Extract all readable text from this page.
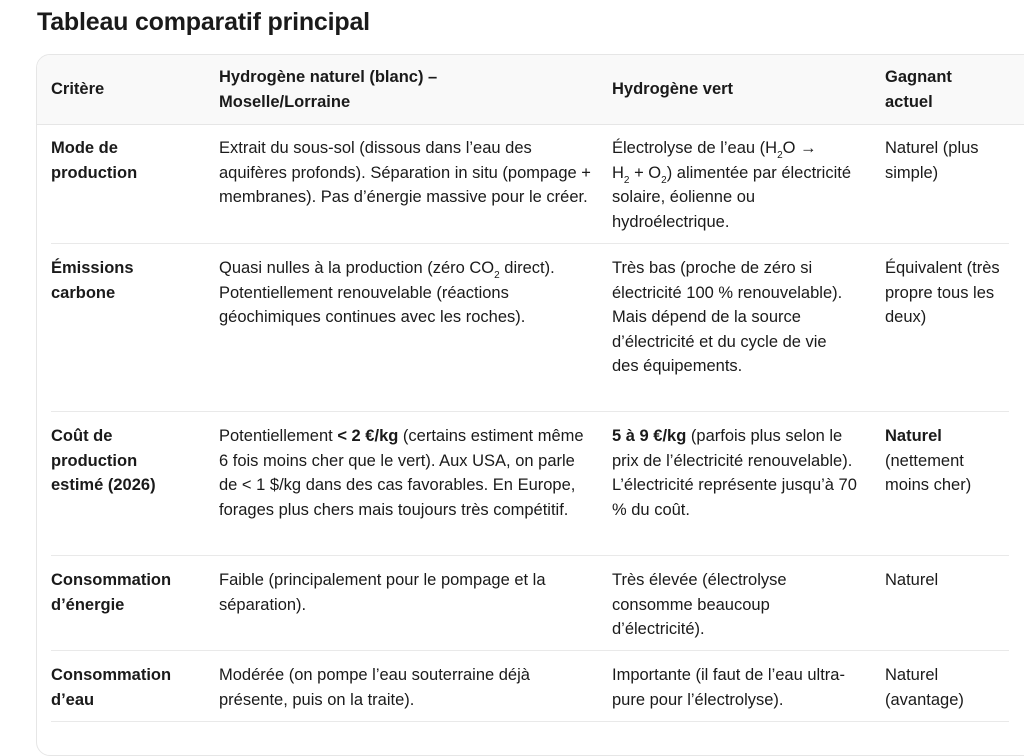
Tableau comparatif principal
Critère
Hydrogène naturel (blanc) – Moselle/Lorraine
Hydrogène vert
Gagnant actuel
Mode de production
Extrait du sous-sol (dissous dans l’eau des aquifères profonds). Séparation in situ (pompage + membranes). Pas d’énergie massive pour le créer.
Électrolyse de l’eau ($H_2O$ →
$H_2 + O_2$) alimentée par électricité solaire, éolienne ou hydroélectrique.
Naturel (plus simple)
Émissions carbone
Quasi nulles à la production (zéro $CO_2$ direct). Potentiellement renouvelable (réactions géochimiques continues avec les roches).
Très bas (proche de zéro si électricité 100 % renouvelable). Mais dépend de la source d’électricité et du cycle de vie des équipements.
Équivalent (très propre tous les deux)
Coût de production estimé (2026)
Potentiellement < 2 €/kg (certains estiment même 6 fois moins cher que le vert). Aux USA, on parle de < 1 $/kg dans des cas favorables. En Europe, forages plus chers mais toujours très compétitif.
5 à 9 €/kg (parfois plus selon le prix de l’électricité renouvelable). L’électricité représente jusqu’à 70 % du coût.
Naturel (nettement moins cher)
Consommation d’énergie
Faible (principalement pour le pompage et la séparation).
Très élevée (électrolyse consomme beaucoup d’électricité).
Naturel
Consommation d’eau
Modérée (on pompe l’eau souterraine déjà présente, puis on la traite).
Importante (il faut de l’eau ultra-pure pour l’électrolyse).
Naturel (avantage)
